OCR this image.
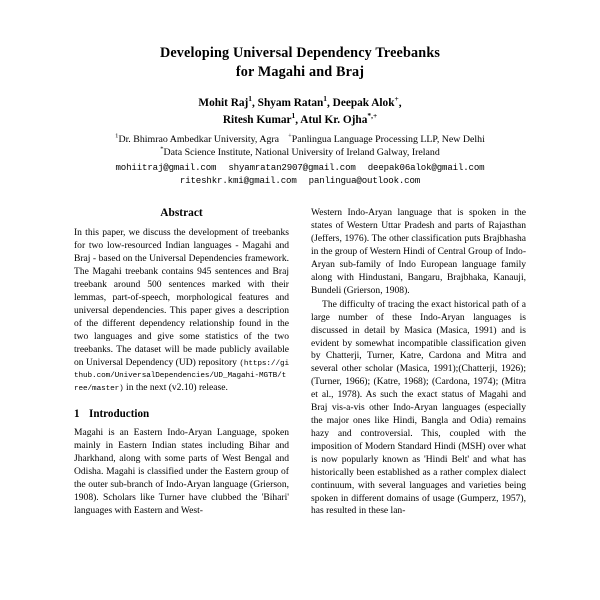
Developing Universal Dependency Treebanks
for Magahi and Braj
Mohit Raj$^1$, Shyam Ratan$^1$, Deepak Alok+,
Ritesh Kumar$^1$, Atul Kr. Ojha*,+
$^1$Dr. Bhimrao Ambedkar University, Agra +Panlingua Language Processing LLP, New Delhi
*Data Science Institute, National University of Ireland Galway, Ireland
mohiitraj@gmail.com shyamratan2907@gmail.com deepak06alok@gmail.com
riteshkr.kmi@gmail.com panlingua@outlook.com
Abstract

In this paper, we discuss the development of treebanks for two low-resourced Indian languages - Magahi and Braj - based on the Universal Dependencies framework. The Magahi treebank contains 945 sentences and Braj treebank around 500 sentences marked with their lemmas, part-of-speech, morphological features and universal dependencies. This paper gives a description of the different dependency relationship found in the two languages and give some statistics of the two treebanks. The dataset will be made publicly available on Universal Dependency (UD) repository (https://github.com/UniversalDependencies/UD_Magahi-MGTB/tree/master) in the next (v2.10) release.

1 Introduction

Magahi is an Eastern Indo-Aryan Language, spoken mainly in Eastern Indian states including Bihar and Jharkhand, along with some parts of West Bengal and Odisha. Magahi is classified under the Eastern group of the outer sub-branch of Indo-Aryan language (Grierson, 1908). Scholars like Turner have clubbed the 'Bihari' languages with Eastern and West-

Western Indo-Aryan language that is spoken in the states of Western Uttar Pradesh and parts of Rajasthan (Jeffers, 1976). The other classification puts Brajbhasha in the group of Western Hindi of Central Group of Indo-Aryan sub-family of Indo European language family along with Hindustani, Bangaru, Brajbhaka, Kanauji, Bundeli (Grierson, 1908).

The difficulty of tracing the exact historical path of a large number of these Indo-Aryan languages is discussed in detail by Masica (Masica, 1991) and is evident by somewhat incompatible classification given by Chatterji, Turner, Katre, Cardona and Mitra and several other scholar (Masica, 1991);(Chatterji, 1926); (Turner, 1966); (Katre, 1968); (Cardona, 1974); (Mitra et al., 1978). As such the exact status of Magahi and Braj vis-a-vis other Indo-Aryan languages (especially the major ones like Hindi, Bangla and Odia) remains hazy and controversial. This, coupled with the imposition of Modern Standard Hindi (MSH) over what is now popularly known as 'Hindi Belt' and what has historically been established as a rather complex dialect continuum, with several languages and varieties being spoken in different domains of usage (Gumperz, 1957), has resulted in these lan-
